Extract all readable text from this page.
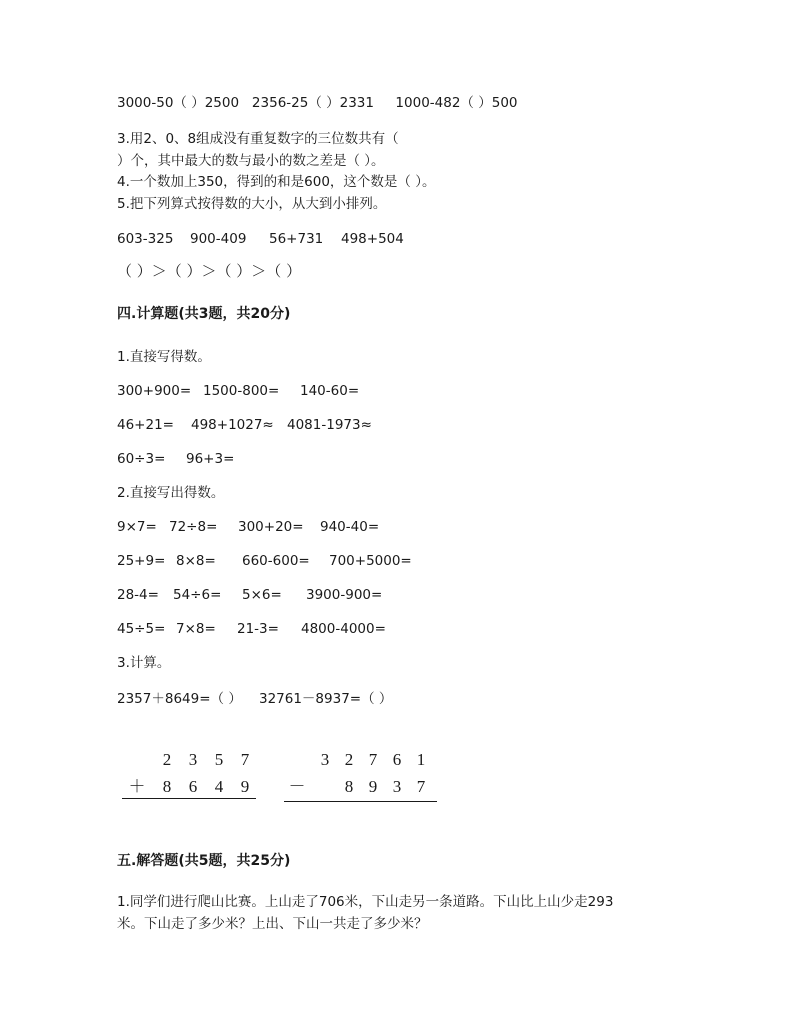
3000-50（ ）2500   2356-25（ ）2331     1000-482（ ）500
3.用2、0、8组成没有重复数字的三位数共有（
）个，其中最大的数与最小的数之差是（ ）。
4.一个数加上350，得到的和是600，这个数是（ ）。
5.把下列算式按得数的大小，从大到小排列。

603-325

900-409

56+731

498+504

（ ）＞（ ）＞（ ）＞（ ）
四.计算题(共3题，共20分)
1.直接写得数。

300+900=

1500-800=

140-60=

46+21=

498+1027≈

4081-1973≈

60÷3=

96+3=

2.直接写出得数。

9×7=

72÷8=

300+20=

940-40=

25+9=

8×8=

660-600=

700+5000=

28-4=

54÷6=

5×6=

3900-900=

45÷5=

7×8=

21-3=

4800-4000=

3.计算。
2357＋8649=（ ）    32761－8937=（ ）
2	3	5	7
＋	8	6	4	9
3 2 7 6 1
－	8 9 3 7
五.解答题(共5题，共25分)
1.同学们进行爬山比赛。上山走了706米，下山走另一条道路。下山比上山少走293
米。下山走了多少米？上出、下山一共走了多少米？
